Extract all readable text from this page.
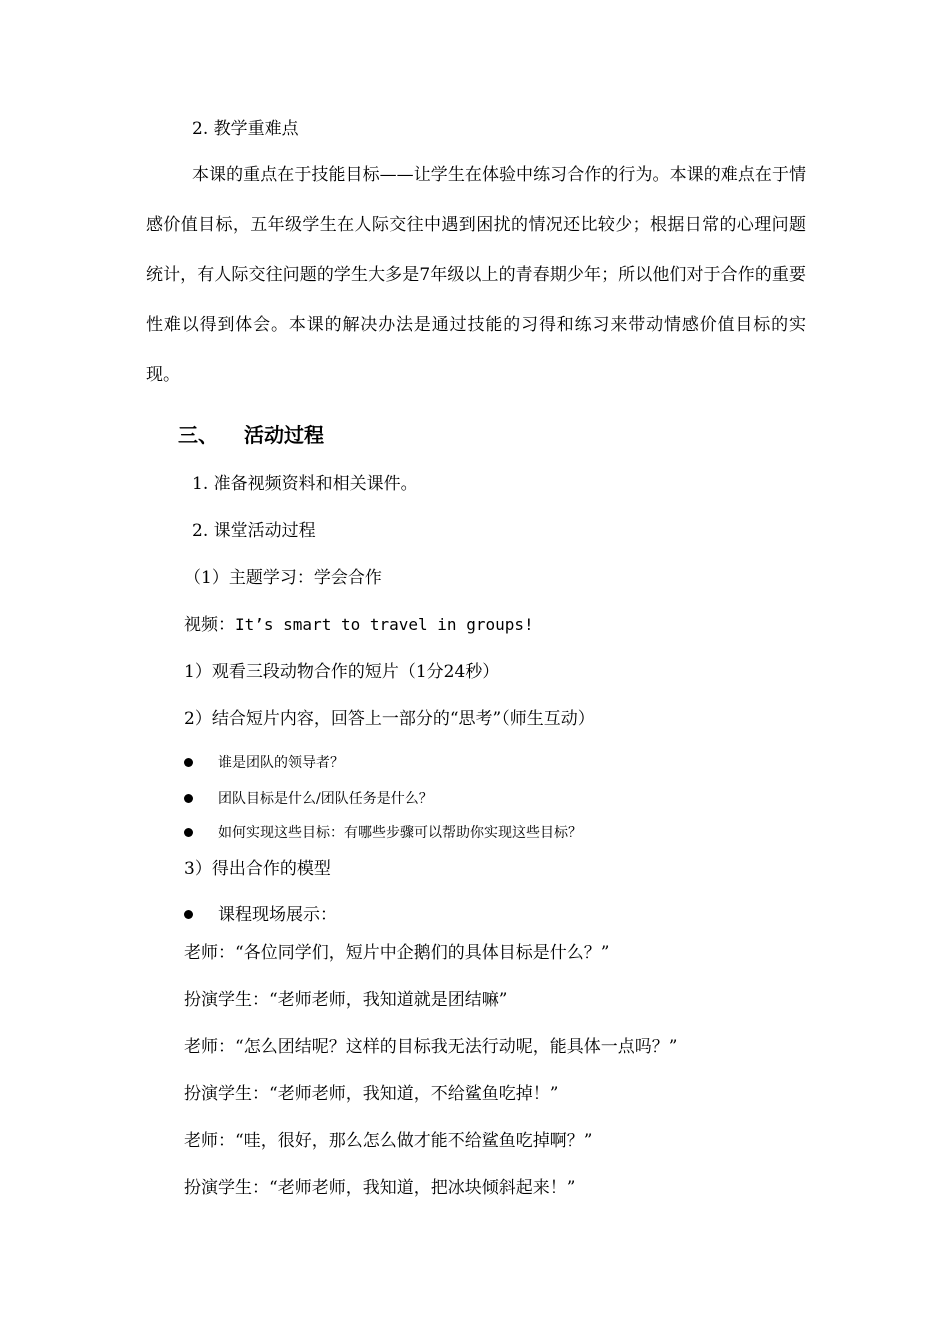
2. 教学重难点
本课的重点在于技能目标——让学生在体验中练习合作的行为。本课的难点在于情感价值目标，五年级学生在人际交往中遇到困扰的情况还比较少；根据日常的心理问题统计，有人际交往问题的学生大多是7年级以上的青春期少年；所以他们对于合作的重要性难以得到体会。本课的解决办法是通过技能的习得和练习来带动情感价值目标的实现。
三、 活动过程
1. 准备视频资料和相关课件。
2. 课堂活动过程
（1）主题学习：学会合作
视频：It’s smart to travel in groups!
1）观看三段动物合作的短片（1分24秒）
2）结合短片内容，回答上一部分的“思考”（师生互动）
谁是团队的领导者？
团队目标是什么/团队任务是什么？
如何实现这些目标：有哪些步骤可以帮助你实现这些目标？
3）得出合作的模型
课程现场展示：
老师：“各位同学们，短片中企鹅们的具体目标是什么？”
扮演学生：“老师老师，我知道就是团结嘛”
老师：“怎么团结呢？这样的目标我无法行动呢，能具体一点吗？”
扮演学生：“老师老师，我知道，不给鲨鱼吃掉！”
老师：“哇，很好，那么怎么做才能不给鲨鱼吃掉啊？”
扮演学生：“老师老师，我知道，把冰块倾斜起来！”
